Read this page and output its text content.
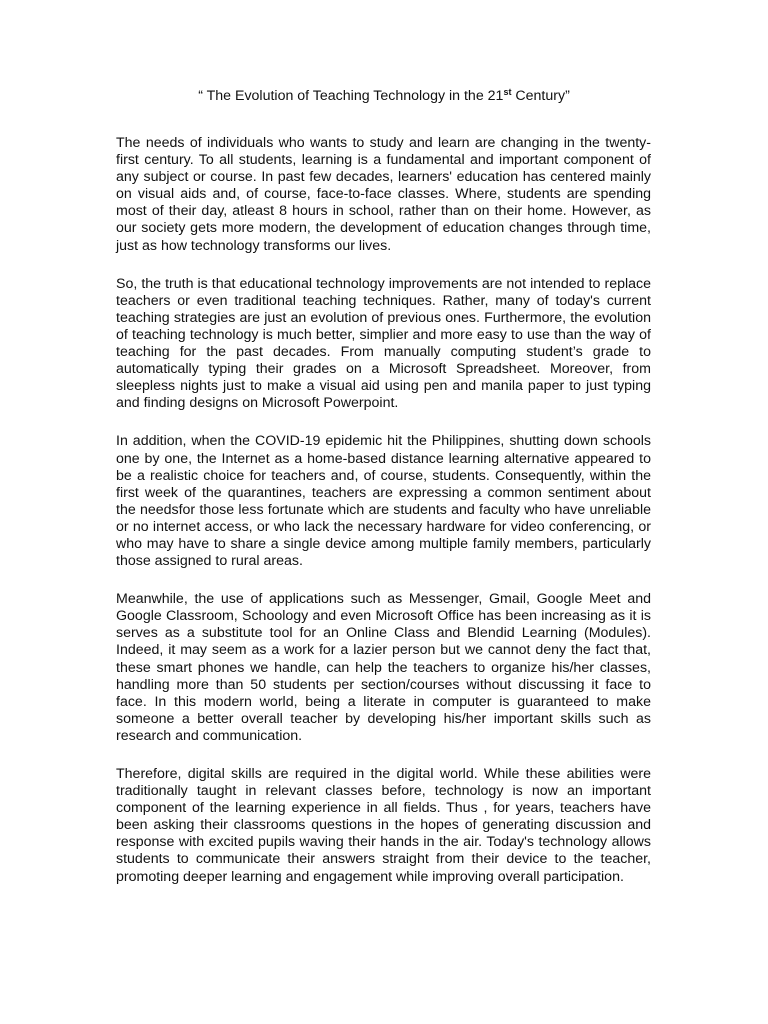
“ The Evolution of Teaching Technology in the 21st Century”

The needs of individuals who wants to study and learn are changing in the twenty-first century. To all students, learning is a fundamental and important component of any subject or course. In past few decades, learners' education has centered mainly on visual aids and, of course, face-to-face classes. Where, students are spending most of their day, atleast 8 hours in school, rather than on their home. However, as our society gets more modern, the development of education changes through time, just as how technology transforms our lives.

So, the truth is that educational technology improvements are not intended to replace teachers or even traditional teaching techniques. Rather, many of today's current teaching strategies are just an evolution of previous ones. Furthermore, the evolution of teaching technology is much better, simplier and more easy to use than the way of teaching for the past decades. From manually computing student’s grade to automatically typing their grades on a Microsoft Spreadsheet. Moreover, from sleepless nights just to make a visual aid using pen and manila paper to just typing and finding designs on Microsoft Powerpoint.

In addition, when the COVID-19 epidemic hit the Philippines, shutting down schools one by one, the Internet as a home-based distance learning alternative appeared to be a realistic choice for teachers and, of course, students. Consequently, within the first week of the quarantines, teachers are expressing a common sentiment about the needsfor those less fortunate which are students and faculty who have unreliable or no internet access, or who lack the necessary hardware for video conferencing, or who may have to share a single device among multiple family members, particularly those assigned to rural areas.

Meanwhile, the use of applications such as Messenger, Gmail, Google Meet and Google Classroom, Schoology and even Microsoft Office has been increasing as it is serves as a substitute tool for an Online Class and Blendid Learning (Modules). Indeed, it may seem as a work for a lazier person but we cannot deny the fact that, these smart phones we handle, can help the teachers to organize his/her classes, handling more than 50 students per section/courses without discussing it face to face. In this modern world, being a literate in computer is guaranteed to make someone a better overall teacher by developing his/her important skills such as research and communication.

Therefore, digital skills are required in the digital world. While these abilities were traditionally taught in relevant classes before, technology is now an important component of the learning experience in all fields. Thus , for years, teachers have been asking their classrooms questions in the hopes of generating discussion and response with excited pupils waving their hands in the air. Today's technology allows students to communicate their answers straight from their device to the teacher, promoting deeper learning and engagement while improving overall participation.
